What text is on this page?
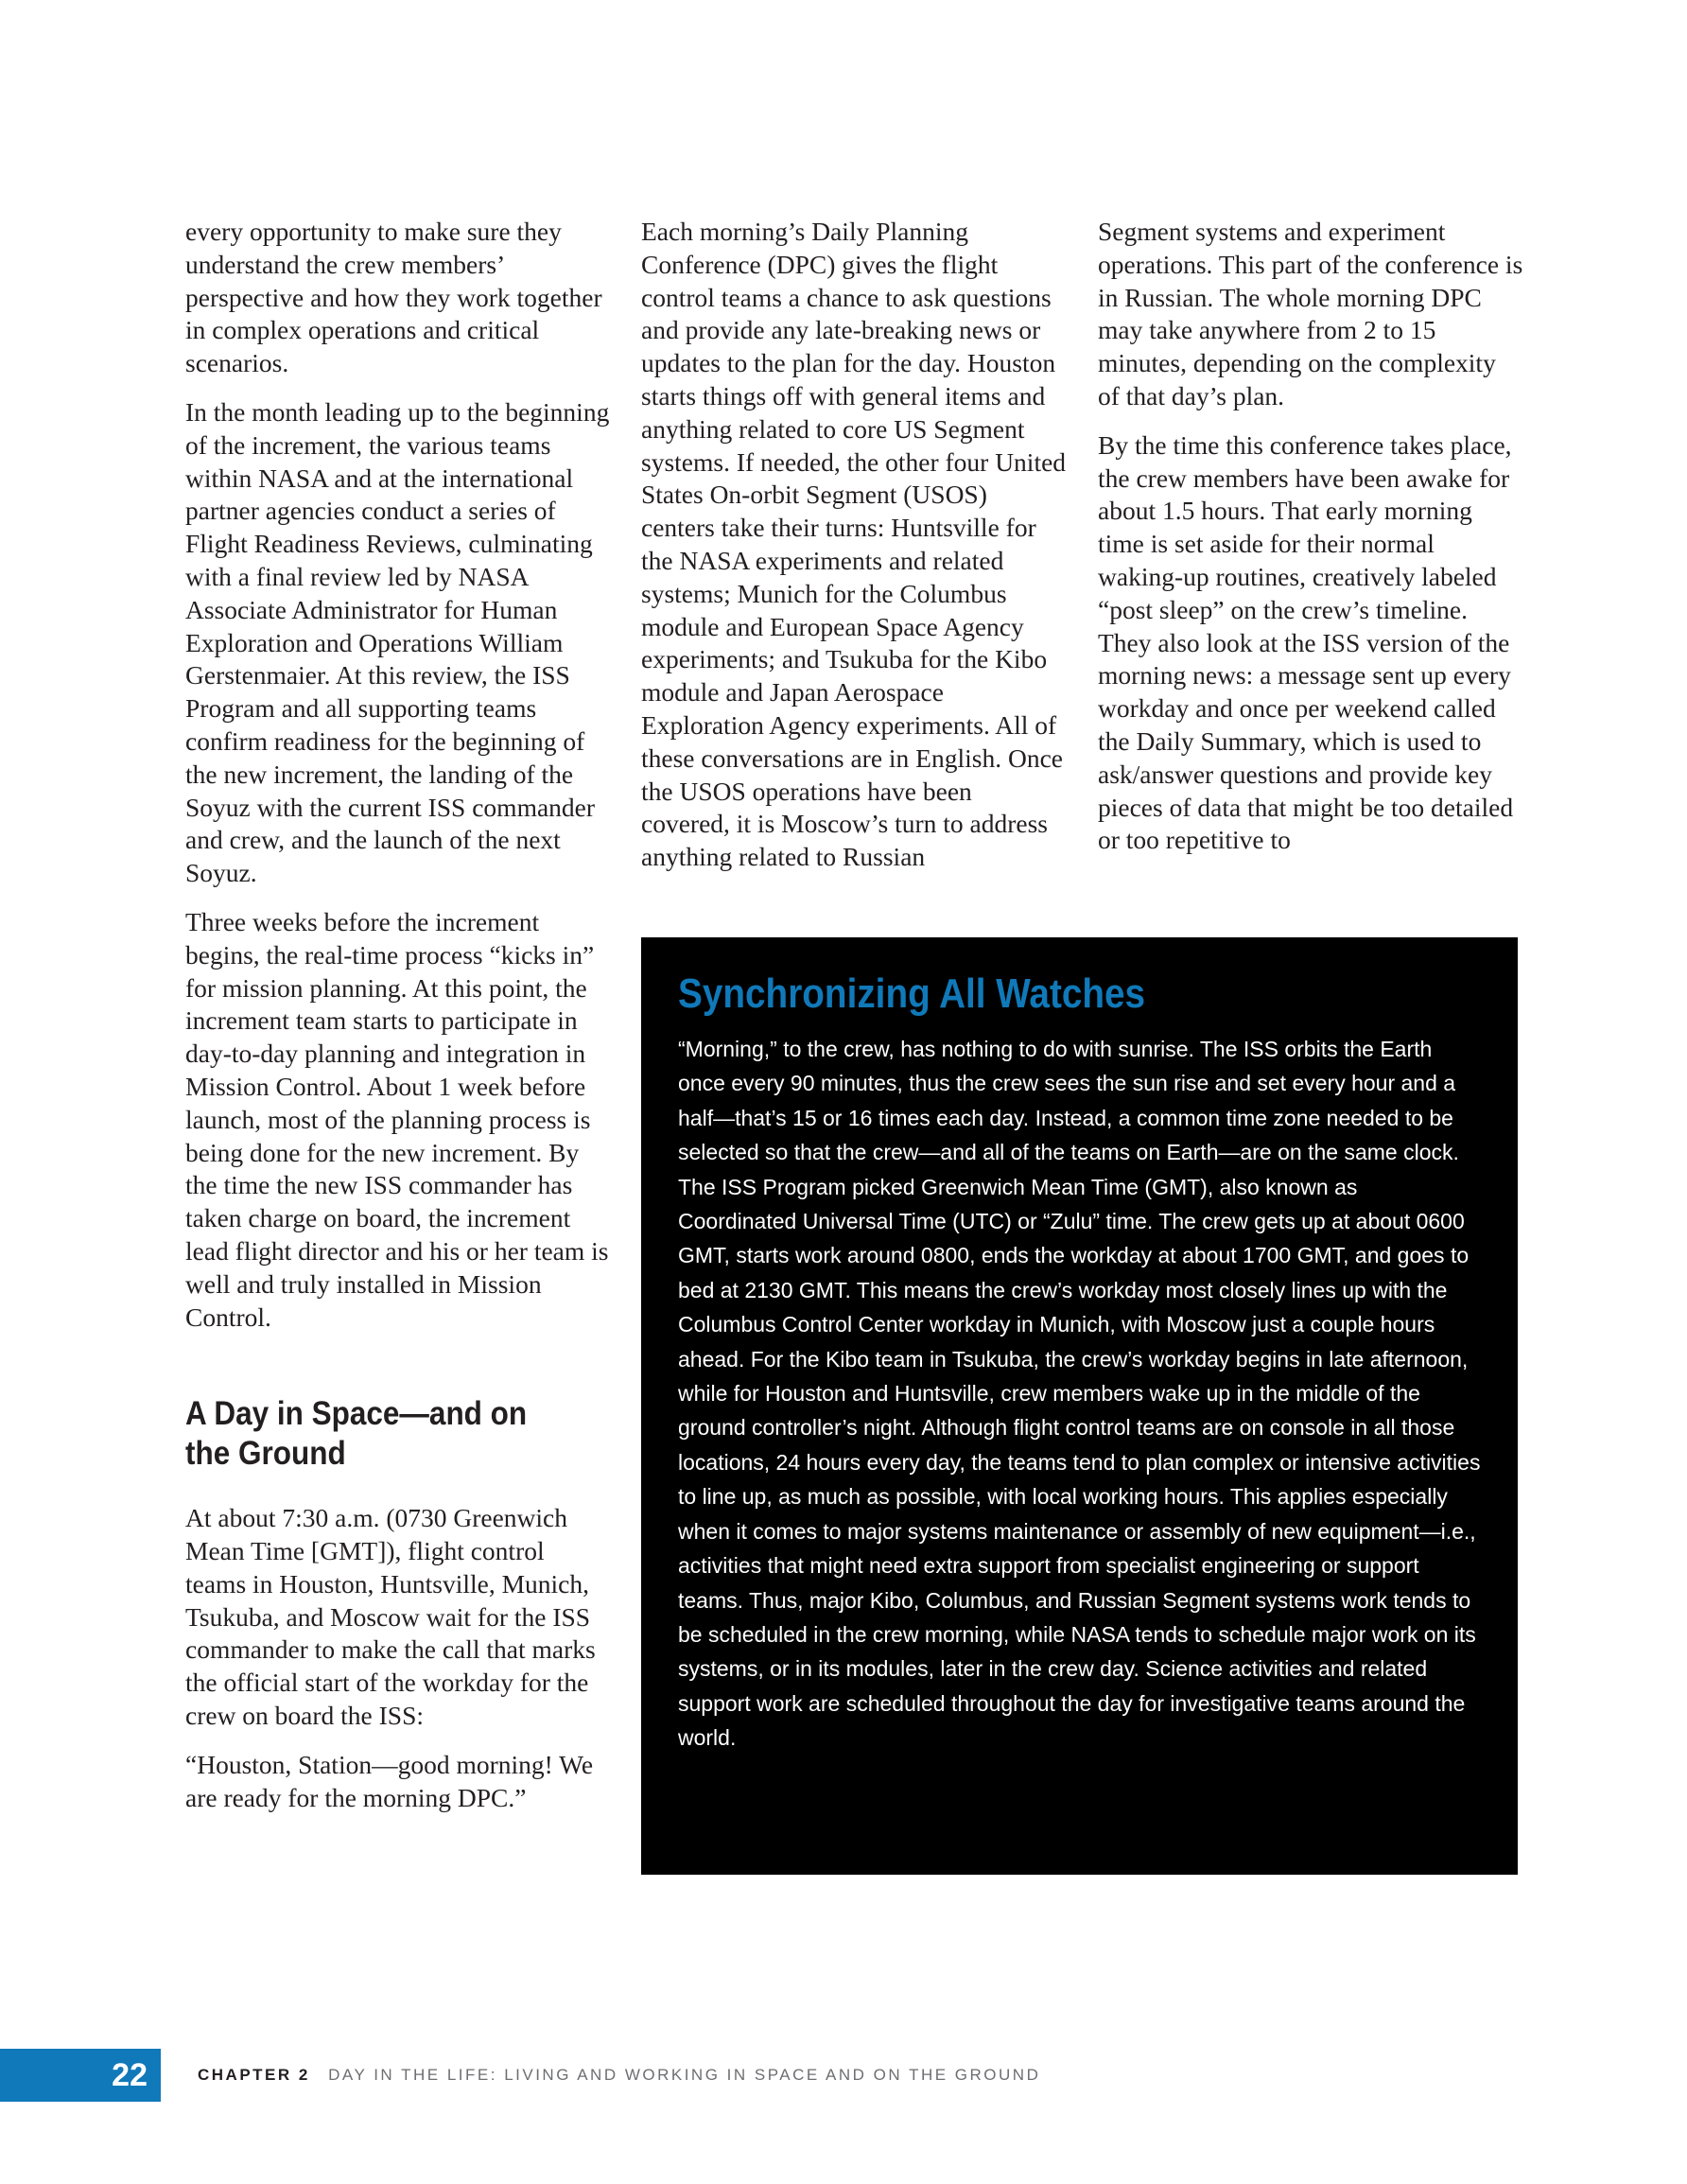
every opportunity to make sure they understand the crew members’ perspective and how they work together in complex operations and critical scenarios.

In the month leading up to the beginning of the increment, the various teams within NASA and at the international partner agencies conduct a series of Flight Readiness Reviews, culminating with a final review led by NASA Associate Administrator for Human Exploration and Operations William Gerstenmaier. At this review, the ISS Program and all supporting teams confirm readiness for the beginning of the new increment, the landing of the Soyuz with the current ISS commander and crew, and the launch of the next Soyuz.

Three weeks before the increment begins, the real-time process “kicks in” for mission planning. At this point, the increment team starts to participate in day-to-day planning and integration in Mission Control. About 1 week before launch, most of the planning process is being done for the new increment. By the time the new ISS commander has taken charge on board, the increment lead flight director and his or her team is well and truly installed in Mission Control.

A Day in Space—and on the Ground

At about 7:30 a.m. (0730 Greenwich Mean Time [GMT]), flight control teams in Houston, Huntsville, Munich, Tsukuba, and Moscow wait for the ISS commander to make the call that marks the official start of the workday for the crew on board the ISS:

“Houston, Station—good morning! We are ready for the morning DPC.”

Each morning’s Daily Planning Conference (DPC) gives the flight control teams a chance to ask questions and provide any late-breaking news or updates to the plan for the day. Houston starts things off with general items and anything related to core US Segment systems. If needed, the other four United States On-orbit Segment (USOS) centers take their turns: Huntsville for the NASA experiments and related systems; Munich for the Columbus module and European Space Agency experiments; and Tsukuba for the Kibo module and Japan Aerospace Exploration Agency experiments. All of these conversations are in English. Once the USOS operations have been covered, it is Moscow’s turn to address anything related to Russian

Segment systems and experiment operations. This part of the conference is in Russian. The whole morning DPC may take anywhere from 2 to 15 minutes, depending on the complexity of that day’s plan.

By the time this conference takes place, the crew members have been awake for about 1.5 hours. That early morning time is set aside for their normal waking-up routines, creatively labeled “post sleep” on the crew’s timeline. They also look at the ISS version of the morning news: a message sent up every workday and once per weekend called the Daily Summary, which is used to ask/answer questions and provide key pieces of data that might be too detailed or too repetitive to

Synchronizing All Watches

“Morning,” to the crew, has nothing to do with sunrise. The ISS orbits the Earth once every 90 minutes, thus the crew sees the sun rise and set every hour and a half—that’s 15 or 16 times each day. Instead, a common time zone needed to be selected so that the crew—and all of the teams on Earth—are on the same clock. The ISS Program picked Greenwich Mean Time (GMT), also known as Coordinated Universal Time (UTC) or “Zulu” time. The crew gets up at about 0600 GMT, starts work around 0800, ends the workday at about 1700 GMT, and goes to bed at 2130 GMT. This means the crew’s workday most closely lines up with the Columbus Control Center workday in Munich, with Moscow just a couple hours ahead. For the Kibo team in Tsukuba, the crew’s workday begins in late afternoon, while for Houston and Huntsville, crew members wake up in the middle of the ground controller’s night. Although flight control teams are on console in all those locations, 24 hours every day, the teams tend to plan complex or intensive activities to line up, as much as possible, with local working hours. This applies especially when it comes to major systems maintenance or assembly of new equipment—i.e., activities that might need extra support from specialist engineering or support teams. Thus, major Kibo, Columbus, and Russian Segment systems work tends to be scheduled in the crew morning, while NASA tends to schedule major work on its systems, or in its modules, later in the crew day. Science activities and related support work are scheduled throughout the day for investigative teams around the world.

22	CHAPTER 2 DAY IN THE LIFE: LIVING AND WORKING IN SPACE AND ON THE GROUND
